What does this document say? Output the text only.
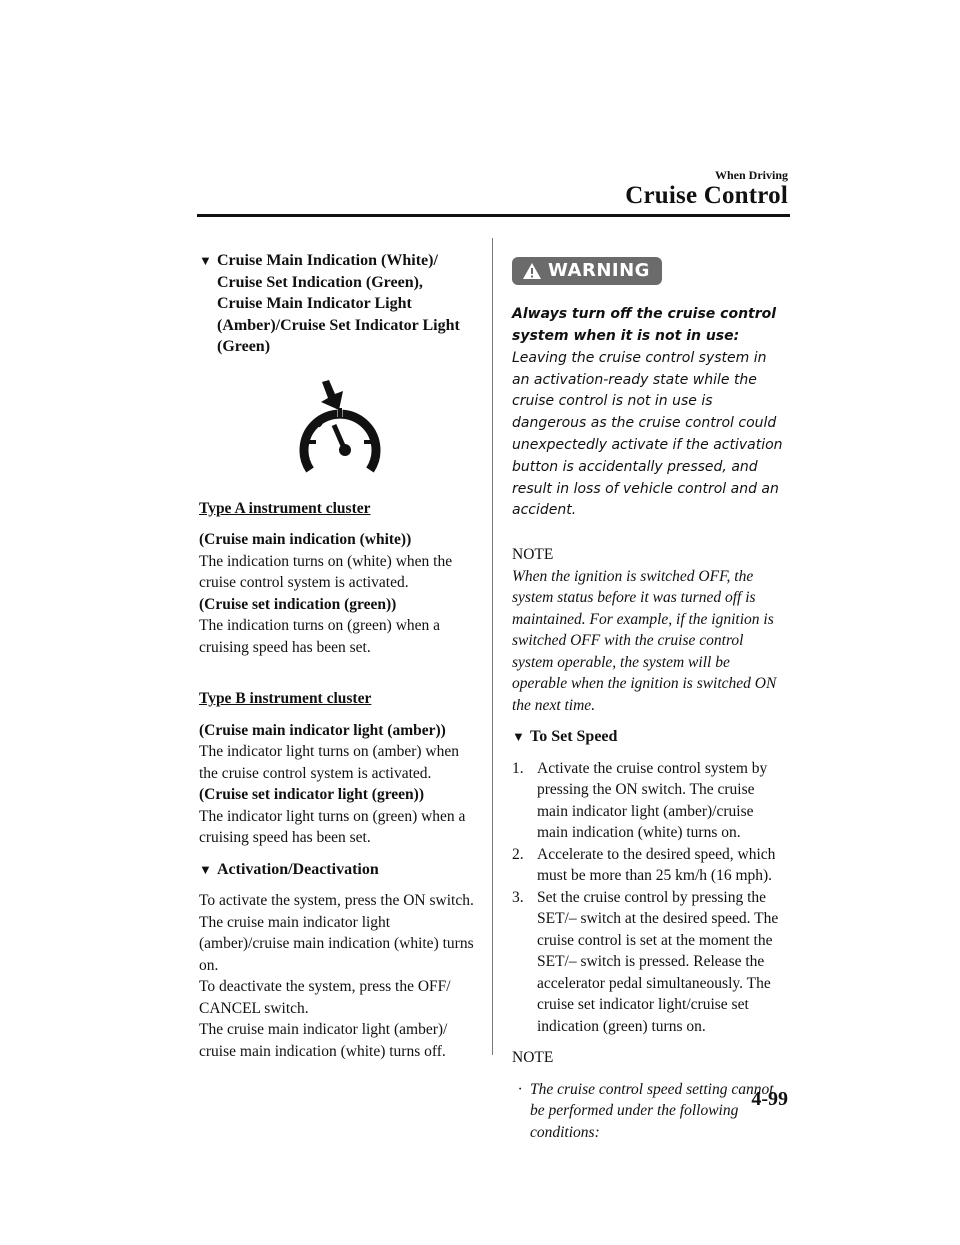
When Driving
Cruise Control
▼ Cruise Main Indication (White)/
Cruise Set Indication (Green),
Cruise Main Indicator Light
(Amber)/Cruise Set Indicator Light
(Green)
Type A instrument cluster

(Cruise main indication (white))

The indication turns on (white) when the cruise control system is activated.

(Cruise set indication (green))

The indication turns on (green) when a cruising speed has been set.

Type B instrument cluster

(Cruise main indicator light (amber))

The indicator light turns on (amber) when the cruise control system is activated.

(Cruise set indicator light (green))

The indicator light turns on (green) when a cruising speed has been set.

▼ Activation/Deactivation

To activate the system, press the ON switch. The cruise main indicator light (amber)/cruise main indication (white) turns on.

To deactivate the system, press the OFF/ CANCEL switch.

The cruise main indicator light (amber)/ cruise main indication (white) turns off.

WARNING
Always turn off the cruise control system when it is not in use:
Leaving the cruise control system in an activation-ready state while the cruise control is not in use is dangerous as the cruise control could unexpectedly activate if the activation button is accidentally pressed, and result in loss of vehicle control and an accident.

NOTE

When the ignition is switched OFF, the system status before it was turned off is maintained. For example, if the ignition is switched OFF with the cruise control system operable, the system will be operable when the ignition is switched ON the next time.

▼ To Set Speed
1. Activate the cruise control system by pressing the ON switch. The cruise main indicator light (amber)/cruise main indication (white) turns on.
2. Accelerate to the desired speed, which must be more than 25 km/h (16 mph).
3. Set the cruise control by pressing the SET/– switch at the desired speed. The cruise control is set at the moment the SET/– switch is pressed. Release the accelerator pedal simultaneously. The cruise set indicator light/cruise set indication (green) turns on.

NOTE

· The cruise control speed setting cannot be performed under the following conditions:
4-99
